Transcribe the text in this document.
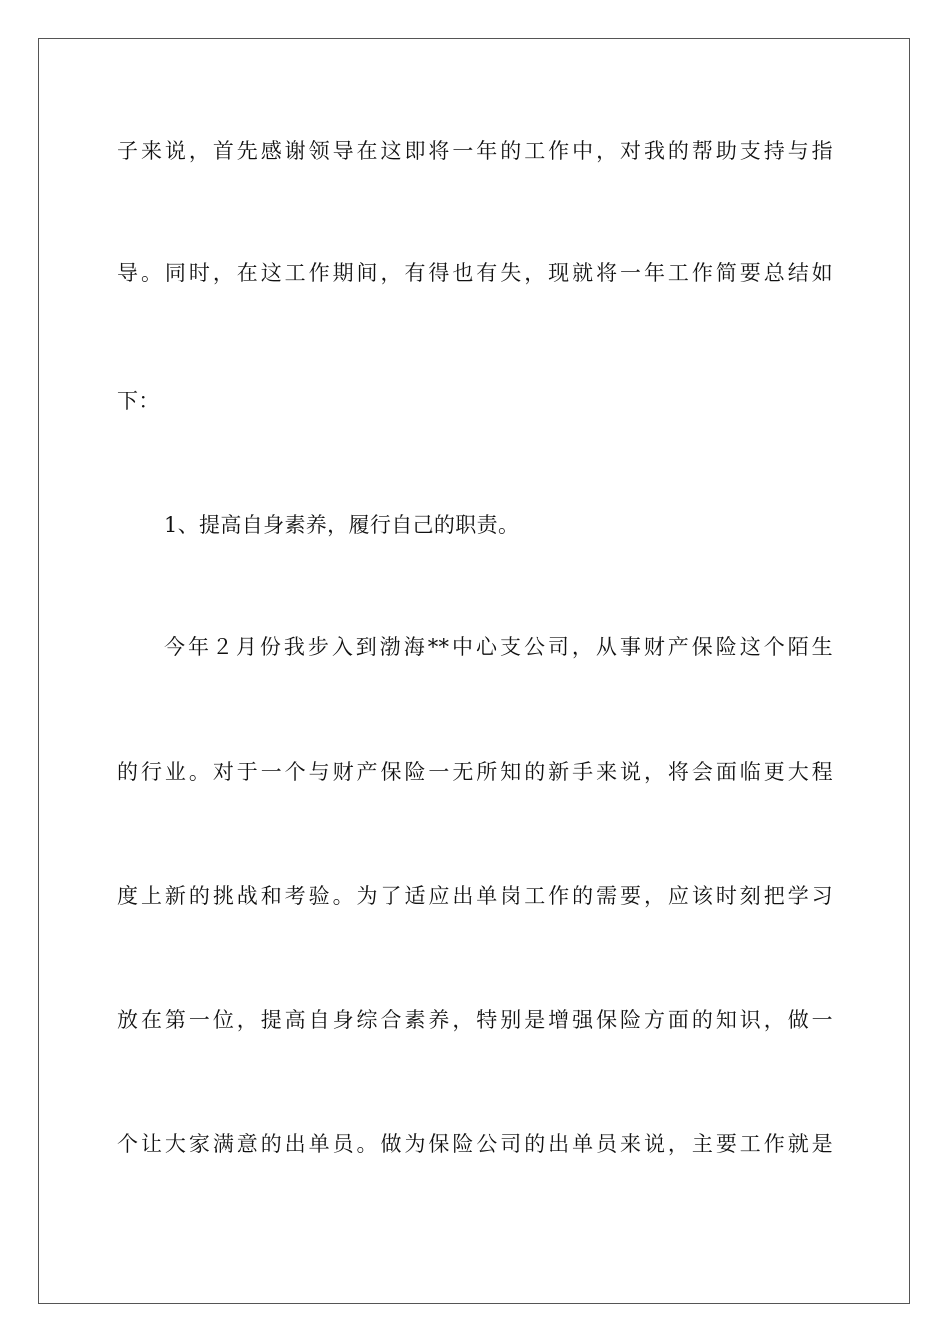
子来说，首先感谢领导在这即将一年的工作中，对我的帮助支持与指
导。同时，在这工作期间，有得也有失，现就将一年工作简要总结如
下：
1、提高自身素养，履行自己的职责。
今年２月份我步入到渤海**中心支公司，从事财产保险这个陌生
的行业。对于一个与财产保险一无所知的新手来说，将会面临更大程
度上新的挑战和考验。为了适应出单岗工作的需要，应该时刻把学习
放在第一位，提高自身综合素养，特别是增强保险方面的知识，做一
个让大家满意的出单员。做为保险公司的出单员来说，主要工作就是
